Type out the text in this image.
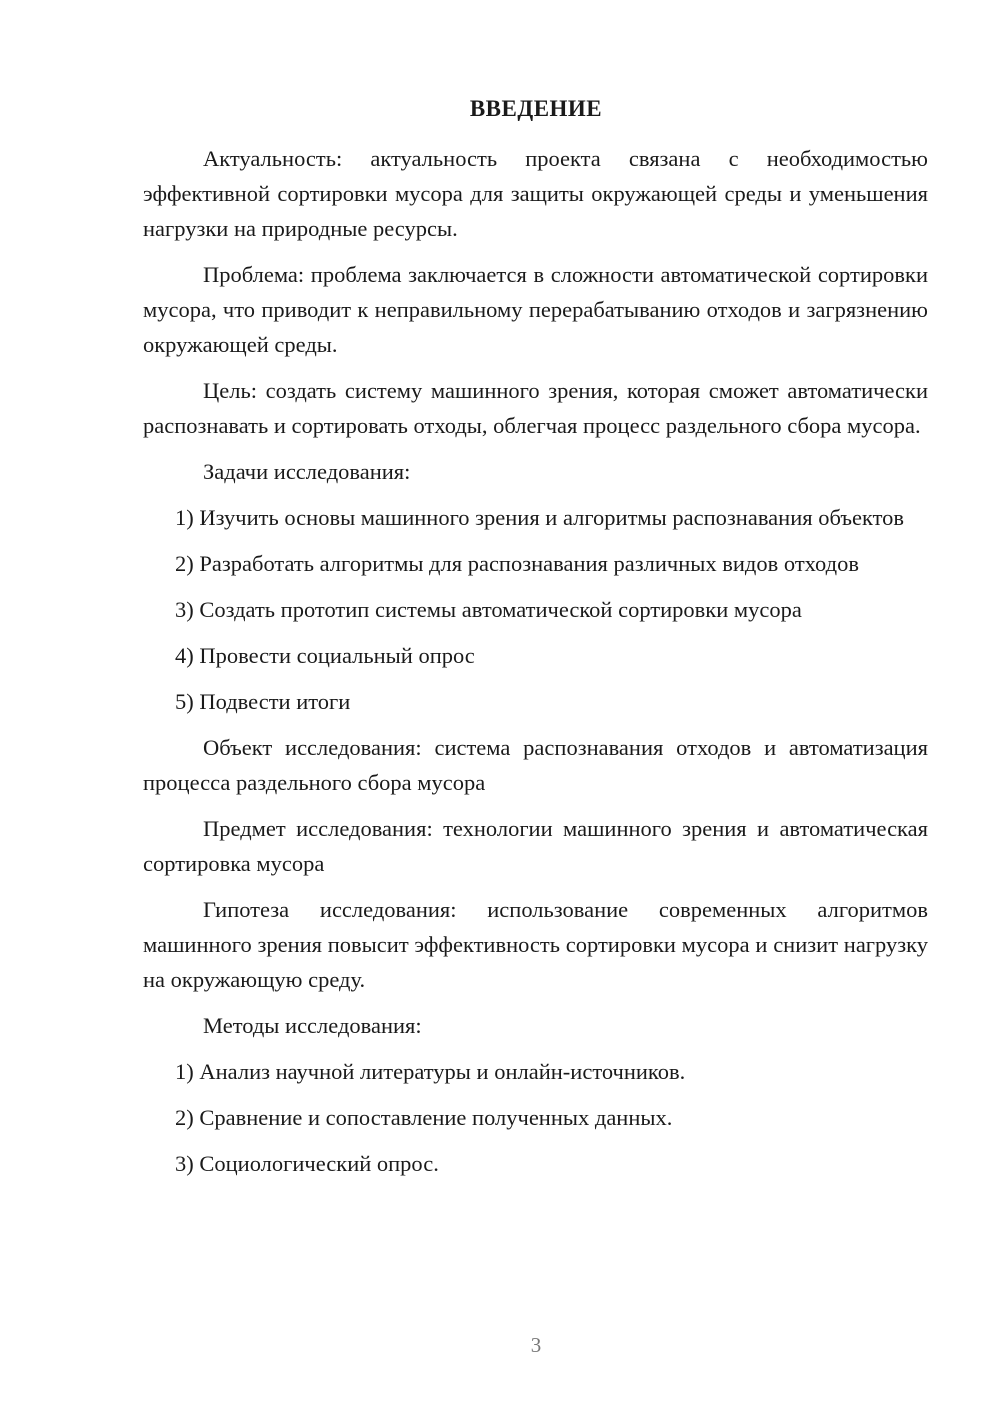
ВВЕДЕНИЕ

Актуальность: актуальность проекта связана с необходимостью эффективной сортировки мусора для защиты окружающей среды и уменьшения нагрузки на природные ресурсы.

Проблема: проблема заключается в сложности автоматической сортировки мусора, что приводит к неправильному перерабатыванию отходов и загрязнению окружающей среды.

Цель: создать систему машинного зрения, которая сможет автоматически распознавать и сортировать отходы, облегчая процесс раздельного сбора мусора.

Задачи исследования:

1) Изучить основы машинного зрения и алгоритмы распознавания объектов

2) Разработать алгоритмы для распознавания различных видов отходов

3) Создать прототип системы автоматической сортировки мусора

4) Провести социальный опрос

5) Подвести итоги

Объект исследования: система распознавания отходов и автоматизация процесса раздельного сбора мусора

Предмет исследования: технологии машинного зрения и автоматическая сортировка мусора

Гипотеза исследования: использование современных алгоритмов машинного зрения повысит эффективность сортировки мусора и снизит нагрузку на окружающую среду.

Методы исследования:

1) Анализ научной литературы и онлайн-источников.

2) Сравнение и сопоставление полученных данных.

3) Социологический опрос.

3
